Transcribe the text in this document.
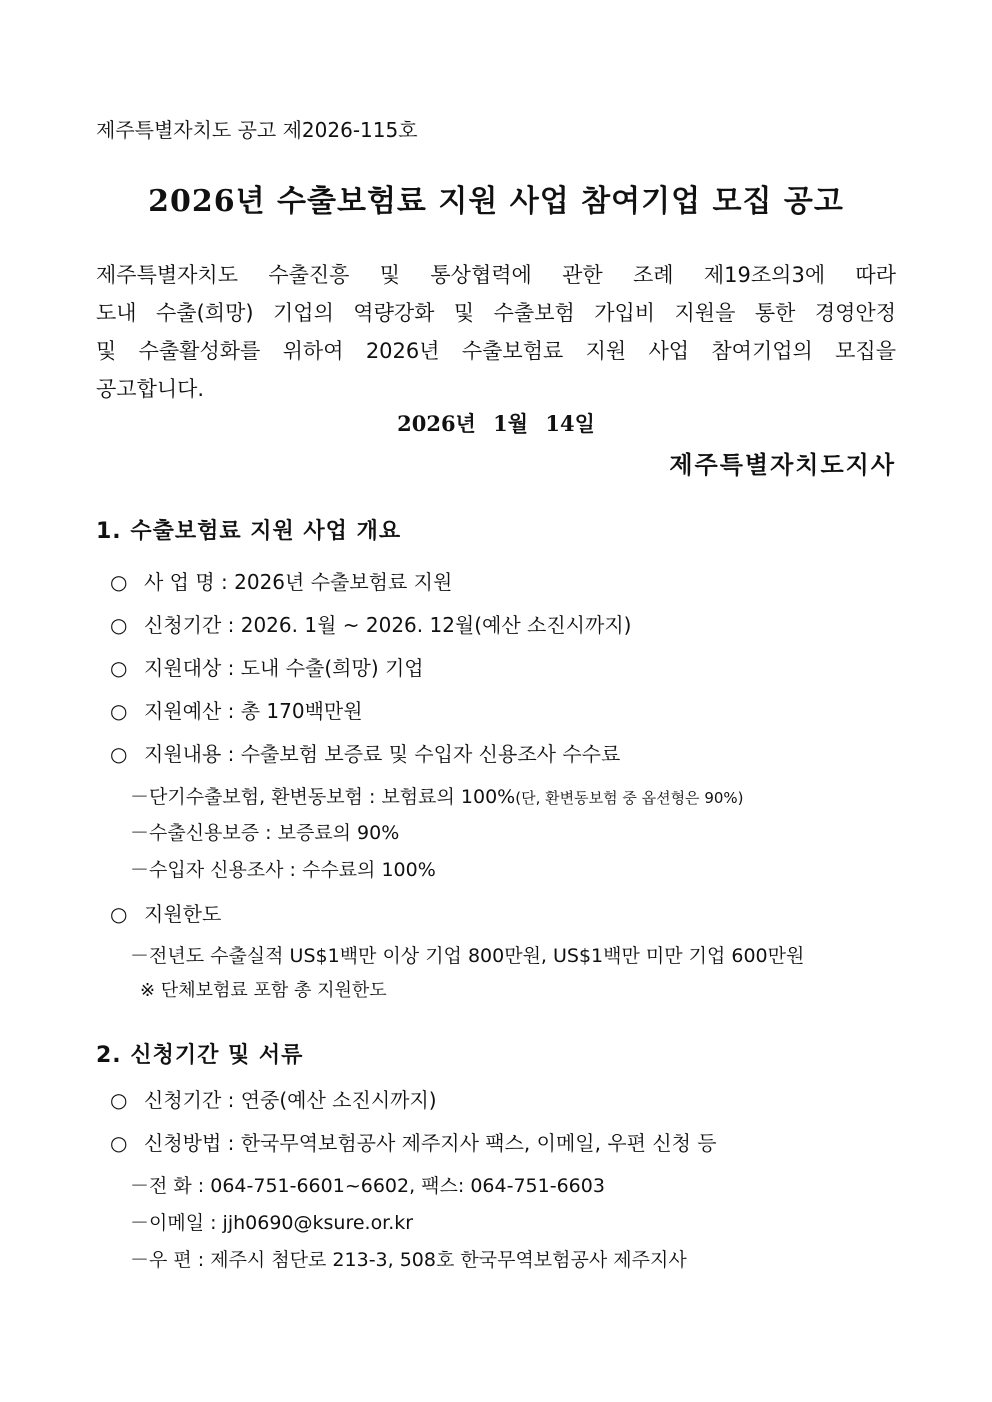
제주특별자치도 공고 제2026-115호
2026년 수출보험료 지원 사업 참여기업 모집 공고
제주특별자치도 수출진흥 및 통상협력에 관한 조례 제19조의3에 따라
도내 수출(희망) 기업의 역량강화 및 수출보험 가입비 지원을 통한 경영안정
및 수출활성화를 위하여 2026년 수출보험료 지원 사업 참여기업의 모집을
공고합니다.
2026년 1월 14일
제주특별자치도지사
1. 수출보험료 지원 사업 개요
○ 사 업 명 : 2026년 수출보험료 지원
○ 신청기간 : 2026. 1월 ~ 2026. 12월(예산 소진시까지)
○ 지원대상 : 도내 수출(희망) 기업
○ 지원예산 : 총 170백만원
○ 지원내용 : 수출보험 보증료 및 수입자 신용조사 수수료
－단기수출보험, 환변동보험 : 보험료의 100%(단, 환변동보험 중 옵션형은 90%)
－수출신용보증 : 보증료의 90%
－수입자 신용조사 : 수수료의 100%
○ 지원한도
－전년도 수출실적 US$1백만 이상 기업 800만원, US$1백만 미만 기업 600만원
※ 단체보험료 포함 총 지원한도
2. 신청기간 및 서류
○ 신청기간 : 연중(예산 소진시까지)
○ 신청방법 : 한국무역보험공사 제주지사 팩스, 이메일, 우편 신청 등
－전 화 : 064-751-6601~6602, 팩스: 064-751-6603
－이메일 : jjh0690@ksure.or.kr
－우 편 : 제주시 첨단로 213-3, 508호 한국무역보험공사 제주지사
